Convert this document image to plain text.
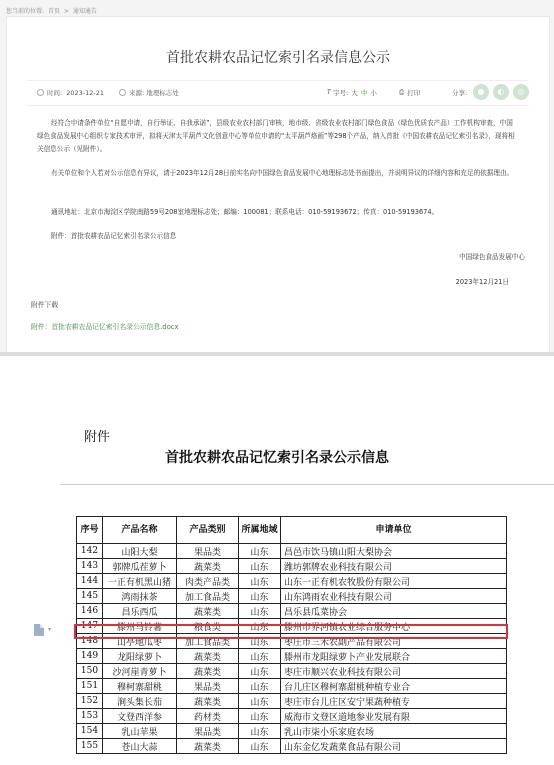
您当前的位置: 首页 > 通知通告
首批农耕农品记忆索引名录信息公示
时间: 2023-12-21	来源: 地理标志处	𝑇 字号: 大 中 小	⎙ 打印	分享:	●	◐	◎

经符合申请条件单位“自愿申请，自行举证、自我承诺”，县级农业农村部门审核，地市级、省级农业农村部门绿色食品（绿色优质农产品）工作机构审查，中国绿色食品发展中心组织专家技术审评，拟将天津太平葫芦文化创意中心等单位申请的“太平葫芦烙画”等298个产品，纳入首批《中国农耕农品记忆索引名录》，现将相关信息公示（见附件）。

有关单位和个人若对公示信息有异议，请于2023年12月28日前实名向中国绿色食品发展中心地理标志处书面提出，并说明异议的详细内容和充足的依据理由。

通讯地址：北京市海淀区学院南路59号208室地理标志处；邮编：100081；联系电话：010-59193672；传真：010-59193674。

附件：首批农耕农品记忆索引名录公示信息

中国绿色食品发展中心
2023年12月21日
附件下载
附件：首批农耕农品记忆索引名录公示信息.docx
附件
首批农耕农品记忆索引名录公示信息
▾
序号	产品名称	产品类别	所属地域	申请单位
142	山阳大梨	果品类	山东	昌邑市饮马镇山阳大梨协会
143	郭牌瓜茬萝卜	蔬菜类	山东	潍坊郭牌农业科技有限公司
144	一正有机黑山猪	肉类产品类	山东	山东一正有机农牧股份有限公司
145	鸿雨抹茶	加工食品类	山东	山东鸿雨农业科技有限公司
146	昌乐西瓜	蔬菜类	山东	昌乐县瓜菜协会
147	滕州马铃薯	粮食类	山东	滕州市界河镇农业综合服务中心
148	山亭地瓜枣	加工食品类	山东	枣庄市三禾农副产品有限公司
149	龙阳绿萝卜	蔬菜类	山东	滕州市龙阳绿萝卜产业发展联合
150	沙河崖青萝卜	蔬菜类	山东	枣庄市顺兴农业科技有限公司
151	穆柯寨甜桃	果品类	山东	台儿庄区穆柯寨甜桃种植专业合
152	涧头集长茄	蔬菜类	山东	枣庄市台儿庄区安宁果蔬种植专
153	文登西洋参	药材类	山东	威海市文登区道地参业发展有限
154	乳山苹果	果品类	山东	乳山市柒小乐家庭农场
155	苍山大蒜	蔬菜类	山东	山东金亿发蔬菜食品有限公司
